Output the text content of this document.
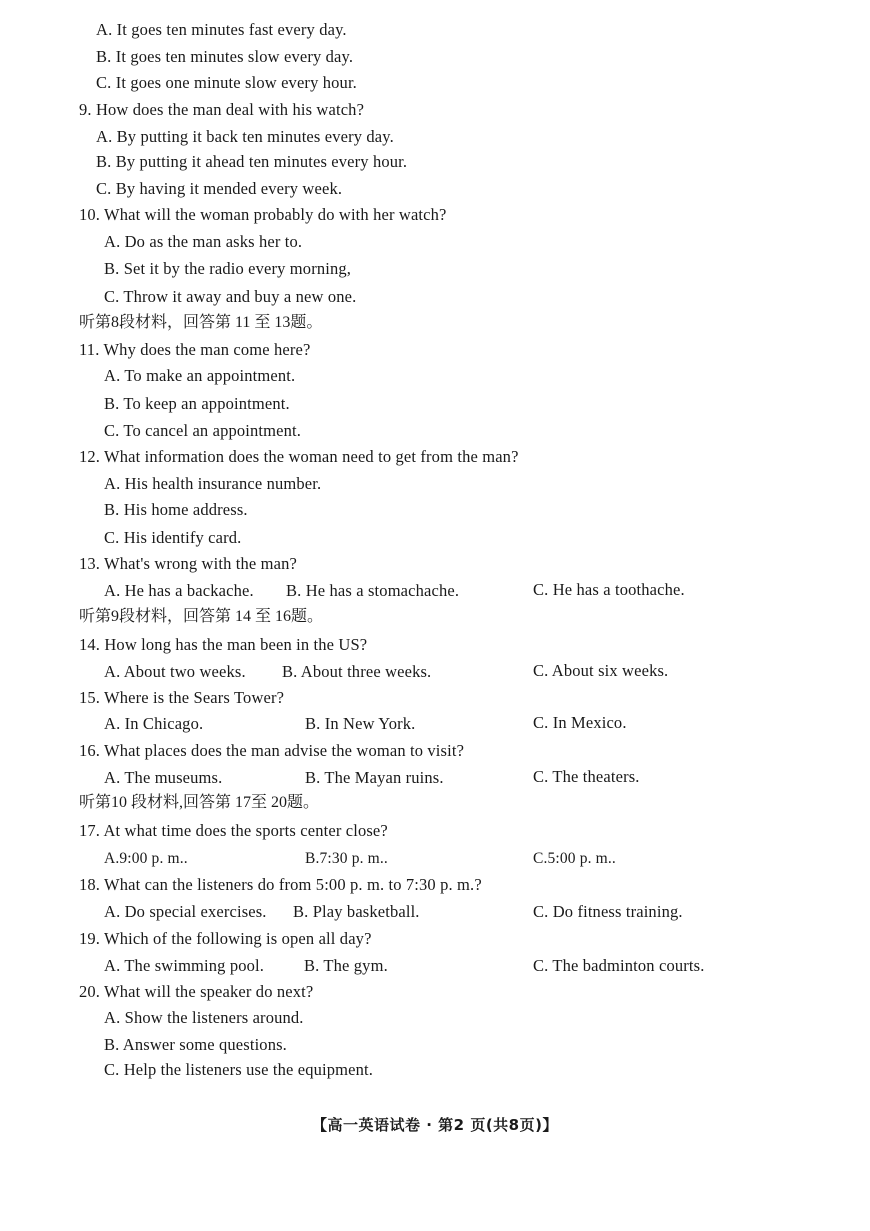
A. It goes ten minutes fast every day.
B. It goes ten minutes slow every day.
C. It goes one minute slow every hour.
9. How does the man deal with his watch?
A. By putting it back ten minutes every day.
B. By putting it ahead ten minutes every hour.
C. By having it mended every week.
10. What will the woman probably do with her watch?
A. Do as the man asks her to.
B. Set it by the radio every morning,
C. Throw it away and buy a new one.
听第8段材料，回答第 11 至 13题。
11. Why does the man come here?
A. To make an appointment.
B. To keep an appointment.
C. To cancel an appointment.
12. What information does the woman need to get from the man?
A. His health insurance number.
B. His home address.
C. His identify card.
13. What's wrong with the man?
A. He has a backache. B. He has a stomachache.	C. He has a toothache.
听第9段材料，回答第 14 至 16题。
14. How long has the man been in the US?
A. About two weeks. B. About three weeks.	C. About six weeks.
15. Where is the Sears Tower?
A. In Chicago.	B. In New York.	C. In Mexico.
16. What places does the man advise the woman to visit?
A. The museums.	B. The Mayan ruins.	C. The theaters.
听第10 段材料,回答第 17至 20题。
17. At what time does the sports center close?
A.9:00 p. m..	B.7:30 p. m..	C.5:00 p. m..
18. What can the listeners do from 5:00 p. m. to 7:30 p. m.?
A. Do special exercises. B. Play basketball.	C. Do fitness training.
19. Which of the following is open all day?
A. The swimming pool. B. The gym.	C. The badminton courts.
20. What will the speaker do next?
A. Show the listeners around.
B. Answer some questions.
C. Help the listeners use the equipment.
【高一英语试卷 · 第2 页(共8页)】
